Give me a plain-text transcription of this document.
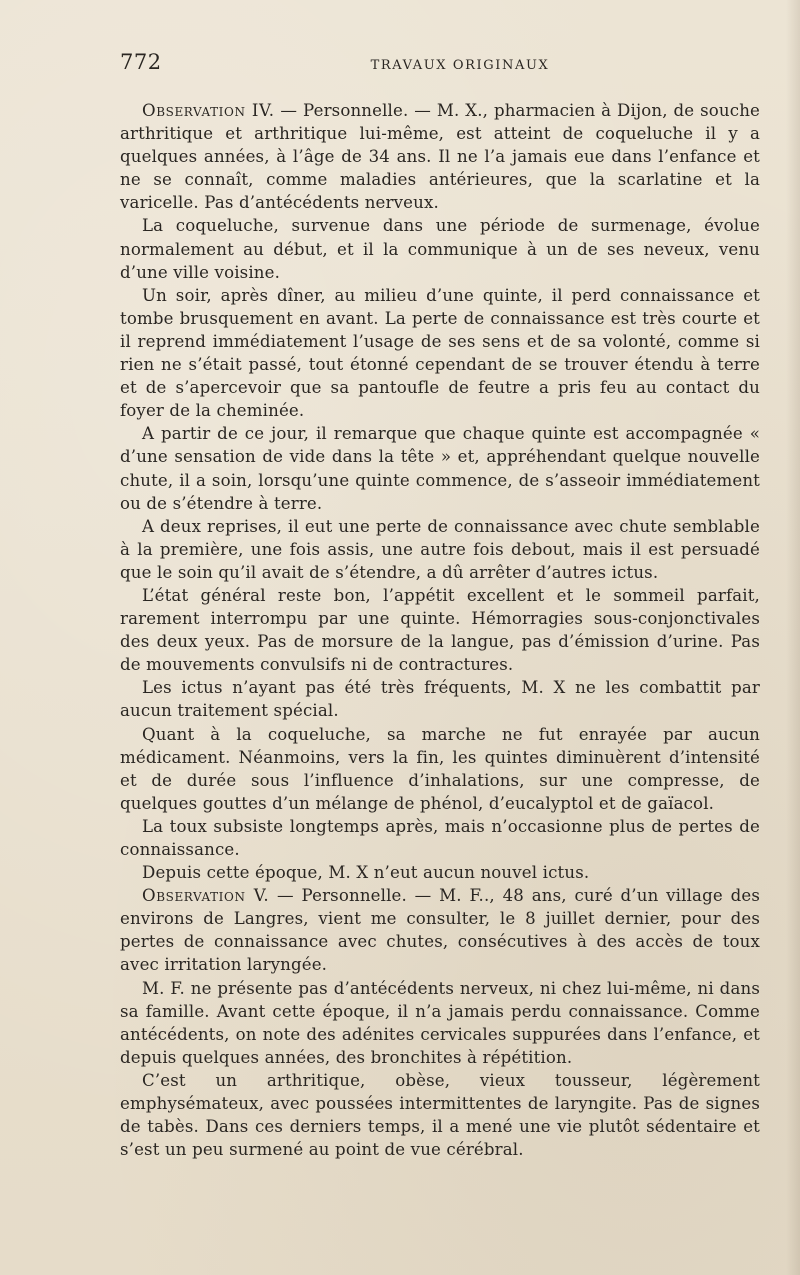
772	TRAVAUX ORIGINAUX

Observation IV. — Personnelle. — M. X., pharmacien à Dijon, de souche arthritique et arthritique lui-même, est atteint de coqueluche il y a quelques années, à l’âge de 34 ans. Il ne l’a jamais eue dans l’enfance et ne se connaît, comme maladies antérieures, que la scarlatine et la varicelle. Pas d’antécédents nerveux.

La coqueluche, survenue dans une période de surmenage, évolue normalement au début, et il la communique à un de ses neveux, venu d’une ville voisine.

Un soir, après dîner, au milieu d’une quinte, il perd connaissance et tombe brusquement en avant. La perte de connaissance est très courte et il reprend immédiatement l’usage de ses sens et de sa volonté, comme si rien ne s’était passé, tout étonné cependant de se trouver étendu à terre et de s’apercevoir que sa pantoufle de feutre a pris feu au contact du foyer de la cheminée.

A partir de ce jour, il remarque que chaque quinte est accompagnée « d’une sensation de vide dans la tête » et, appréhendant quelque nouvelle chute, il a soin, lorsqu’une quinte commence, de s’asseoir immédiatement ou de s’étendre à terre.

A deux reprises, il eut une perte de connaissance avec chute semblable à la première, une fois assis, une autre fois debout, mais il est persuadé que le soin qu’il avait de s’étendre, a dû arrêter d’autres ictus.

L’état général reste bon, l’appétit excellent et le sommeil parfait, rarement interrompu par une quinte. Hémorragies sous-conjonctivales des deux yeux. Pas de morsure de la langue, pas d’émission d’urine. Pas de mouvements convulsifs ni de contractures.

Les ictus n’ayant pas été très fréquents, M. X ne les combattit par aucun traitement spécial.

Quant à la coqueluche, sa marche ne fut enrayée par aucun médicament. Néanmoins, vers la fin, les quintes diminuèrent d’intensité et de durée sous l’influence d’inhalations, sur une compresse, de quelques gouttes d’un mélange de phénol, d’eucalyptol et de gaïacol.

La toux subsiste longtemps après, mais n’occasionne plus de pertes de connaissance.

Depuis cette époque, M. X n’eut aucun nouvel ictus.

Observation V. — Personnelle. — M. F.., 48 ans, curé d’un village des environs de Langres, vient me consulter, le 8 juillet dernier, pour des pertes de connaissance avec chutes, consécutives à des accès de toux avec irritation laryngée.

M. F. ne présente pas d’antécédents nerveux, ni chez lui-même, ni dans sa famille. Avant cette époque, il n’a jamais perdu connaissance. Comme antécédents, on note des adénites cervicales suppurées dans l’enfance, et depuis quelques années, des bronchites à répétition.

C’est un arthritique, obèse, vieux tousseur, légèrement emphysémateux, avec poussées intermittentes de laryngite. Pas de signes de tabès. Dans ces derniers temps, il a mené une vie plutôt sédentaire et s’est un peu surmené au point de vue cérébral.
